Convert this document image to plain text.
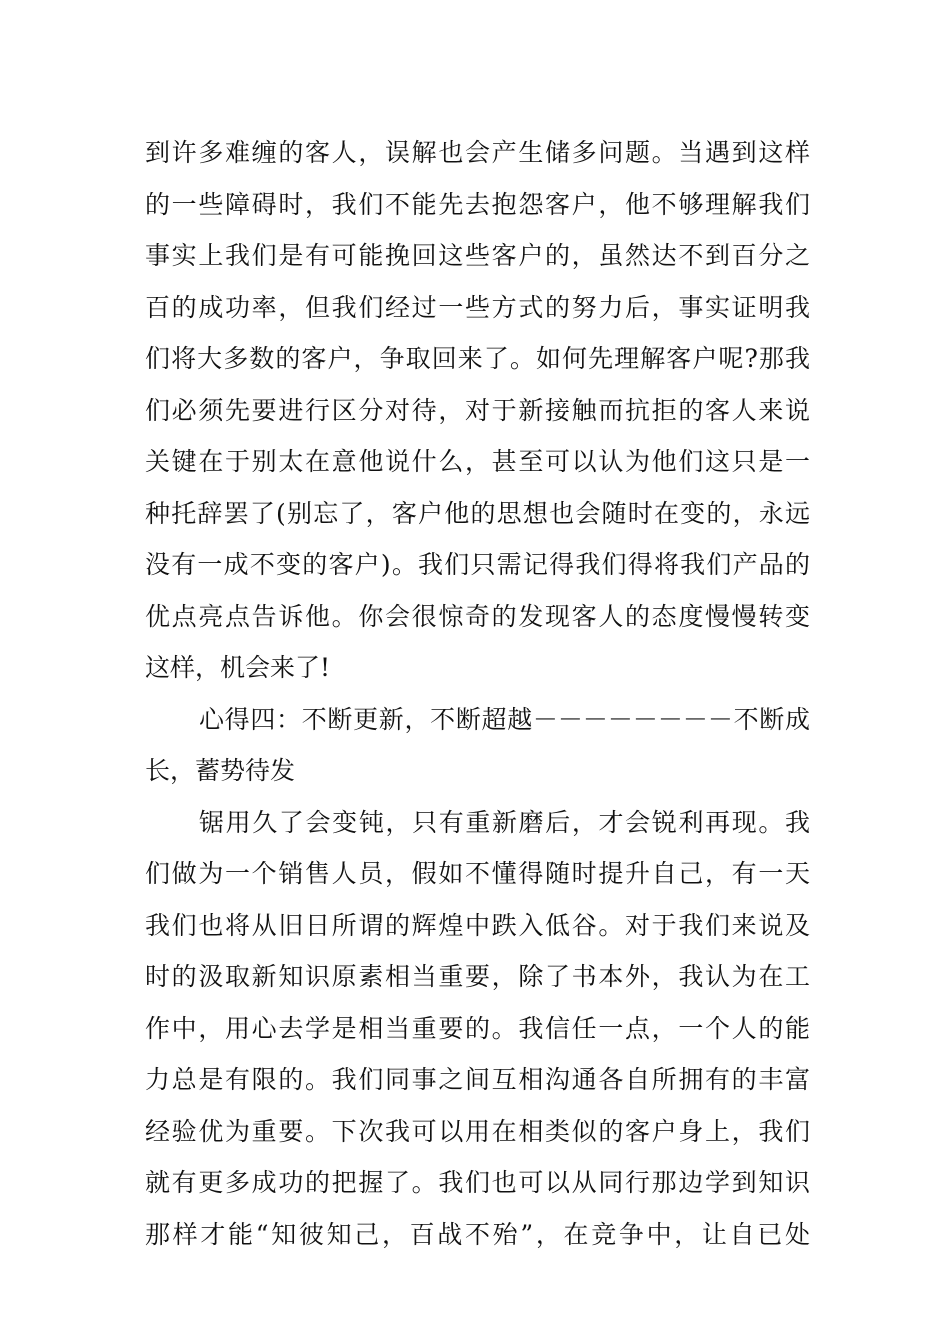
到许多难缠的客人，误解也会产生储多问题。当遇到这样
的一些障碍时，我们不能先去抱怨客户，他不够理解我们
事实上我们是有可能挽回这些客户的，虽然达不到百分之
百的成功率，但我们经过一些方式的努力后，事实证明我
们将大多数的客户，争取回来了。如何先理解客户呢?那我
们必须先要进行区分对待，对于新接触而抗拒的客人来说
关键在于别太在意他说什么，甚至可以认为他们这只是一
种托辞罢了(别忘了，客户他的思想也会随时在变的，永远
没有一成不变的客户)。我们只需记得我们得将我们产品的
优点亮点告诉他。你会很惊奇的发现客人的态度慢慢转变
这样，机会来了!
心得四：不断更新，不断超越－－－－－－－－不断成
长，蓄势待发
锯用久了会变钝，只有重新磨后，才会锐利再现。我
们做为一个销售人员，假如不懂得随时提升自己，有一天
我们也将从旧日所谓的辉煌中跌入低谷。对于我们来说及
时的汲取新知识原素相当重要，除了书本外，我认为在工
作中，用心去学是相当重要的。我信任一点，一个人的能
力总是有限的。我们同事之间互相沟通各自所拥有的丰富
经验优为重要。下次我可以用在相类似的客户身上，我们
就有更多成功的把握了。我们也可以从同行那边学到知识
那样才能“知彼知己，百战不殆”，在竞争中，让自已处
